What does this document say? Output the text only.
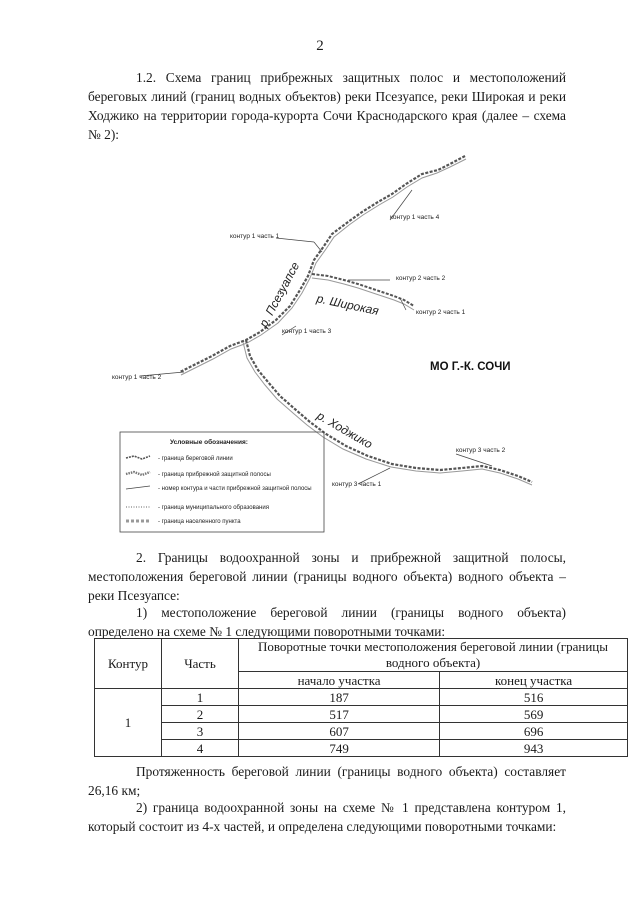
2
1.2. Схема границ прибрежных защитных полос и местоположений береговых линий (границ водных объектов) реки Псезуапсе, реки Широкая и реки Ходжико на территории города-курорта Сочи Краснодарского края (далее – схема № 2):
контур 1 часть 4
контур 1 часть 1
контур 2 часть 2
контур 2 часть 1
контур 1 часть 3
контур 1 часть 2
контур 3 часть 2
контур 3 часть 1
р. Псезуапсе р. Широкая
р. Ходжико
МО Г.-К. СОЧИ
Условные обозначения:
- граница береговой линии
- граница прибрежной защитной полосы
- номер контура и части прибрежной защитной полосы
- граница муниципального образования
- граница населенного пункта
2. Границы водоохранной зоны и прибрежной защитной полосы, местоположения береговой линии (границы водного объекта) водного объекта – реки Псезуапсе:
1) местоположение береговой линии (границы водного объекта) определено на схеме № 1 следующими поворотными точками:
Контур	Часть	Поворотные точки местоположения береговой линии (границы водного объекта)	
		начало участка	конец участка
1	1	187	516
	2	517	569
	3	607	696
	4	749	943
Протяженность береговой линии (границы водного объекта) составляет 26,16 км;
2) граница водоохранной зоны на схеме № 1 представлена контуром 1, который состоит из 4-х частей, и определена следующими поворотными точками:
